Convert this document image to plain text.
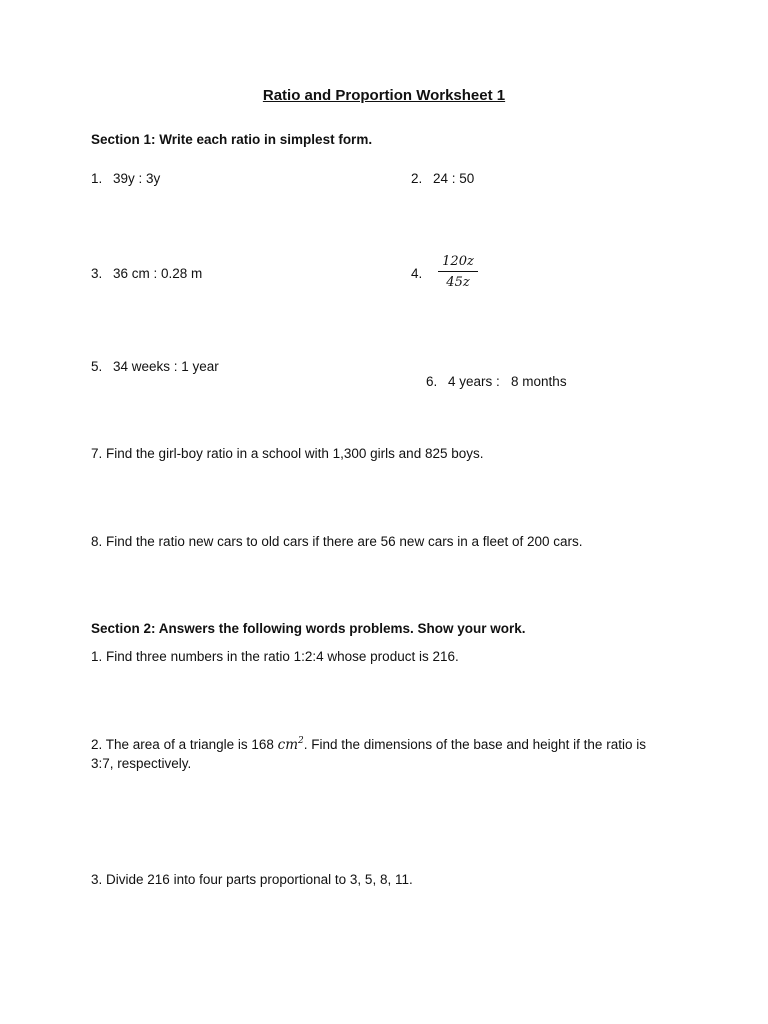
Ratio and Proportion Worksheet 1
Section 1: Write each ratio in simplest form.
1. 39y : 3y	2. 24 : 50
3. 36 cm : 0.28 m	4. $\frac{120z}{45z}$
5. 34 weeks : 1 year

6. 4 years :   8 months

7. Find the girl-boy ratio in a school with 1,300 girls and 825 boys.
8. Find the ratio new cars to old cars if there are 56 new cars in a fleet of 200 cars.
Section 2: Answers the following words problems. Show your work.
1. Find three numbers in the ratio 1:2:4 whose product is 216.
2. The area of a triangle is 168 $cm^2$. Find the dimensions of the base and height if the ratio is
3:7, respectively.
3. Divide 216 into four parts proportional to 3, 5, 8, 11.
